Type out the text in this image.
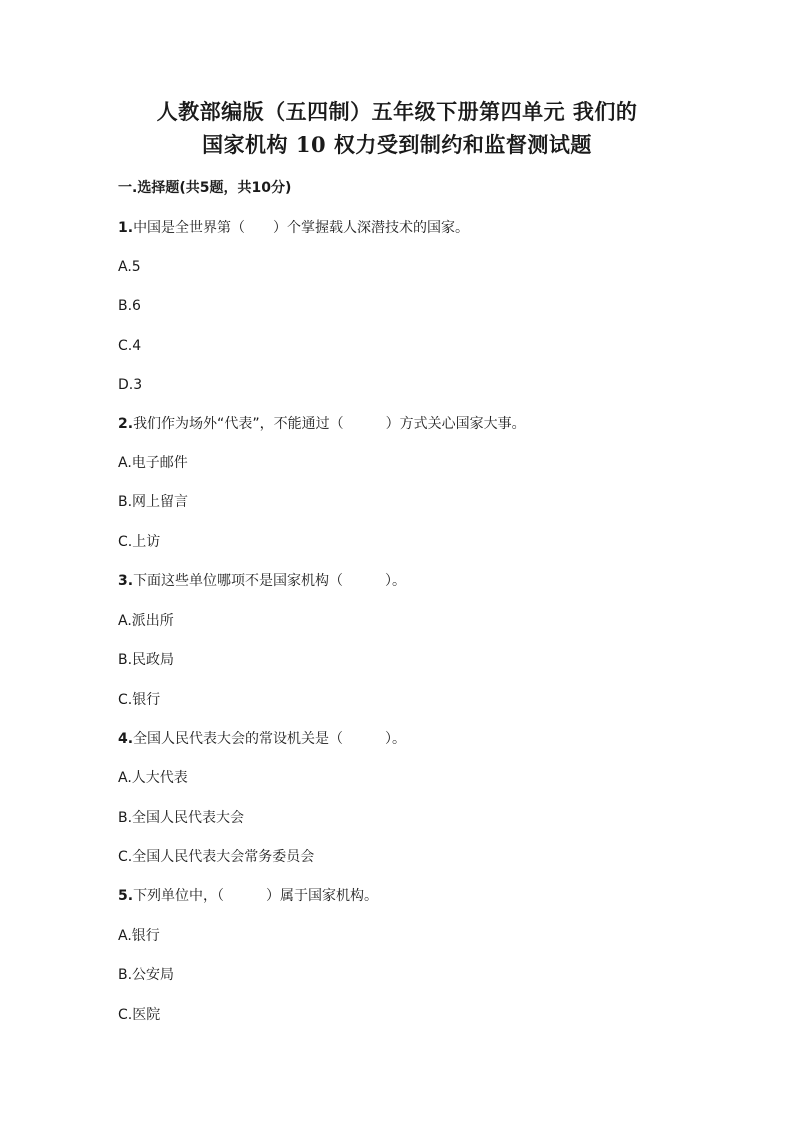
人教部编版（五四制）五年级下册第四单元 我们的
国家机构 10 权力受到制约和监督测试题
一.选择题(共5题，共10分)
1.中国是全世界第（　　）个掌握载人深潜技术的国家。
A.5
B.6
C.4
D.3
2.我们作为场外“代表”，不能通过（　　　）方式关心国家大事。
A.电子邮件
B.网上留言
C.上访
3.下面这些单位哪项不是国家机构（　　　）。
A.派出所
B.民政局
C.银行
4.全国人民代表大会的常设机关是（　　　）。
A.人大代表
B.全国人民代表大会
C.全国人民代表大会常务委员会
5.下列单位中，（　　　）属于国家机构。
A.银行
B.公安局
C.医院
